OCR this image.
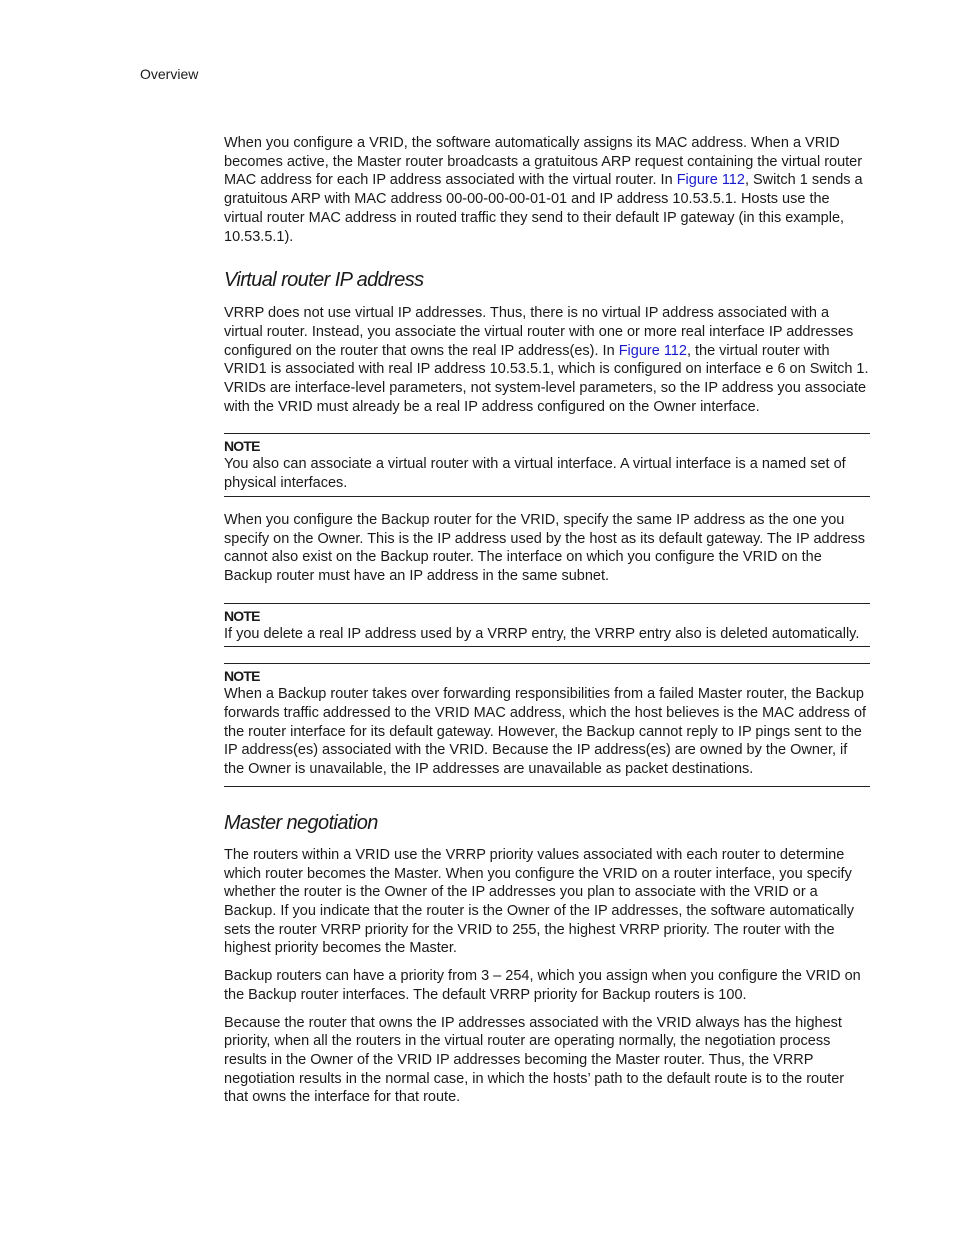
Overview

When you configure a VRID, the software automatically assigns its MAC address. When a VRID becomes active, the Master router broadcasts a gratuitous ARP request containing the virtual router MAC address for each IP address associated with the virtual router. In Figure 112, Switch 1 sends a gratuitous ARP with MAC address 00-00-00-00-01-01 and IP address 10.53.5.1. Hosts use the virtual router MAC address in routed traffic they send to their default IP gateway (in this example, 10.53.5.1).

Virtual router IP address

VRRP does not use virtual IP addresses. Thus, there is no virtual IP address associated with a virtual router. Instead, you associate the virtual router with one or more real interface IP addresses configured on the router that owns the real IP address(es). In Figure 112, the virtual router with VRID1 is associated with real IP address 10.53.5.1, which is configured on interface e 6 on Switch 1. VRIDs are interface-level parameters, not system-level parameters, so the IP address you associate with the VRID must already be a real IP address configured on the Owner interface.

NOTE

You also can associate a virtual router with a virtual interface. A virtual interface is a named set of physical interfaces.

When you configure the Backup router for the VRID, specify the same IP address as the one you specify on the Owner. This is the IP address used by the host as its default gateway. The IP address cannot also exist on the Backup router. The interface on which you configure the VRID on the Backup router must have an IP address in the same subnet.

NOTE

If you delete a real IP address used by a VRRP entry, the VRRP entry also is deleted automatically.

NOTE

When a Backup router takes over forwarding responsibilities from a failed Master router, the Backup forwards traffic addressed to the VRID MAC address, which the host believes is the MAC address of the router interface for its default gateway. However, the Backup cannot reply to IP pings sent to the IP address(es) associated with the VRID. Because the IP address(es) are owned by the Owner, if the Owner is unavailable, the IP addresses are unavailable as packet destinations.

Master negotiation

The routers within a VRID use the VRRP priority values associated with each router to determine which router becomes the Master. When you configure the VRID on a router interface, you specify whether the router is the Owner of the IP addresses you plan to associate with the VRID or a Backup. If you indicate that the router is the Owner of the IP addresses, the software automatically sets the router VRRP priority for the VRID to 255, the highest VRRP priority. The router with the highest priority becomes the Master.

Backup routers can have a priority from 3 – 254, which you assign when you configure the VRID on the Backup router interfaces. The default VRRP priority for Backup routers is 100.

Because the router that owns the IP addresses associated with the VRID always has the highest priority, when all the routers in the virtual router are operating normally, the negotiation process results in the Owner of the VRID IP addresses becoming the Master router. Thus, the VRRP negotiation results in the normal case, in which the hosts’ path to the default route is to the router that owns the interface for that route.
